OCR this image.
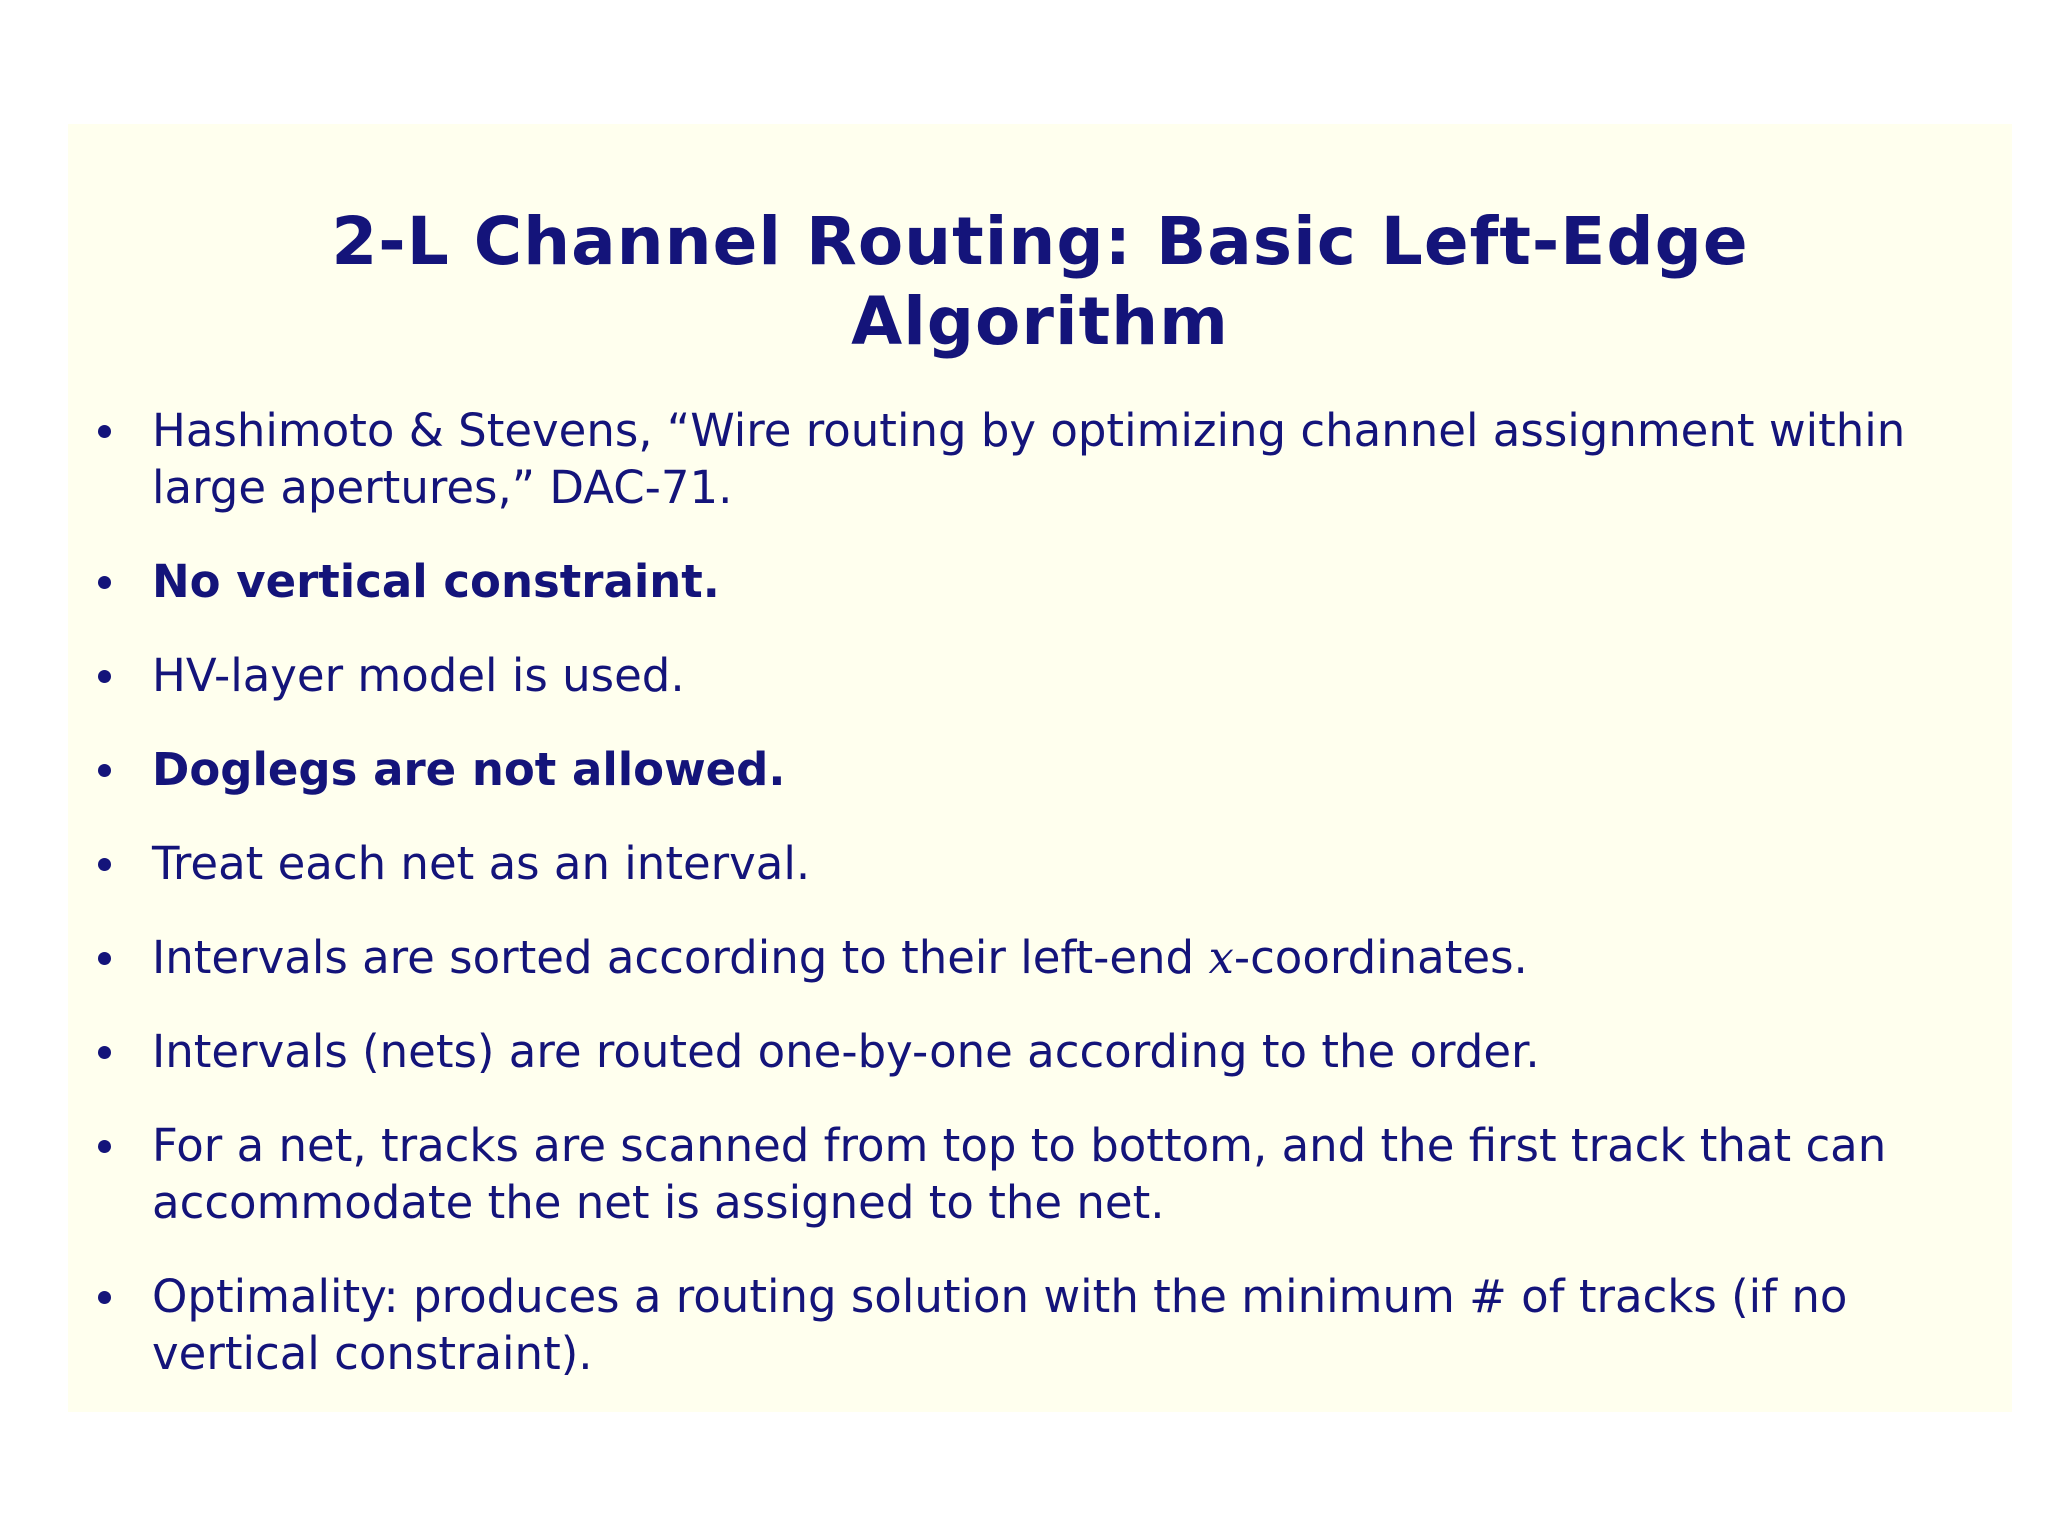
2-L Channel Routing: Basic Left-Edge
Algorithm
Hashimoto & Stevens, “Wire routing by optimizing channel assignment within large apertures,” DAC-71.
No vertical constraint.
HV-layer model is used.
Doglegs are not allowed.
Treat each net as an interval.
Intervals are sorted according to their left-end x-coordinates.
Intervals (nets) are routed one-by-one according to the order.
For a net, tracks are scanned from top to bottom, and the first track that can accommodate the net is assigned to the net.
Optimality: produces a routing solution with the minimum # of tracks (if no vertical constraint).
